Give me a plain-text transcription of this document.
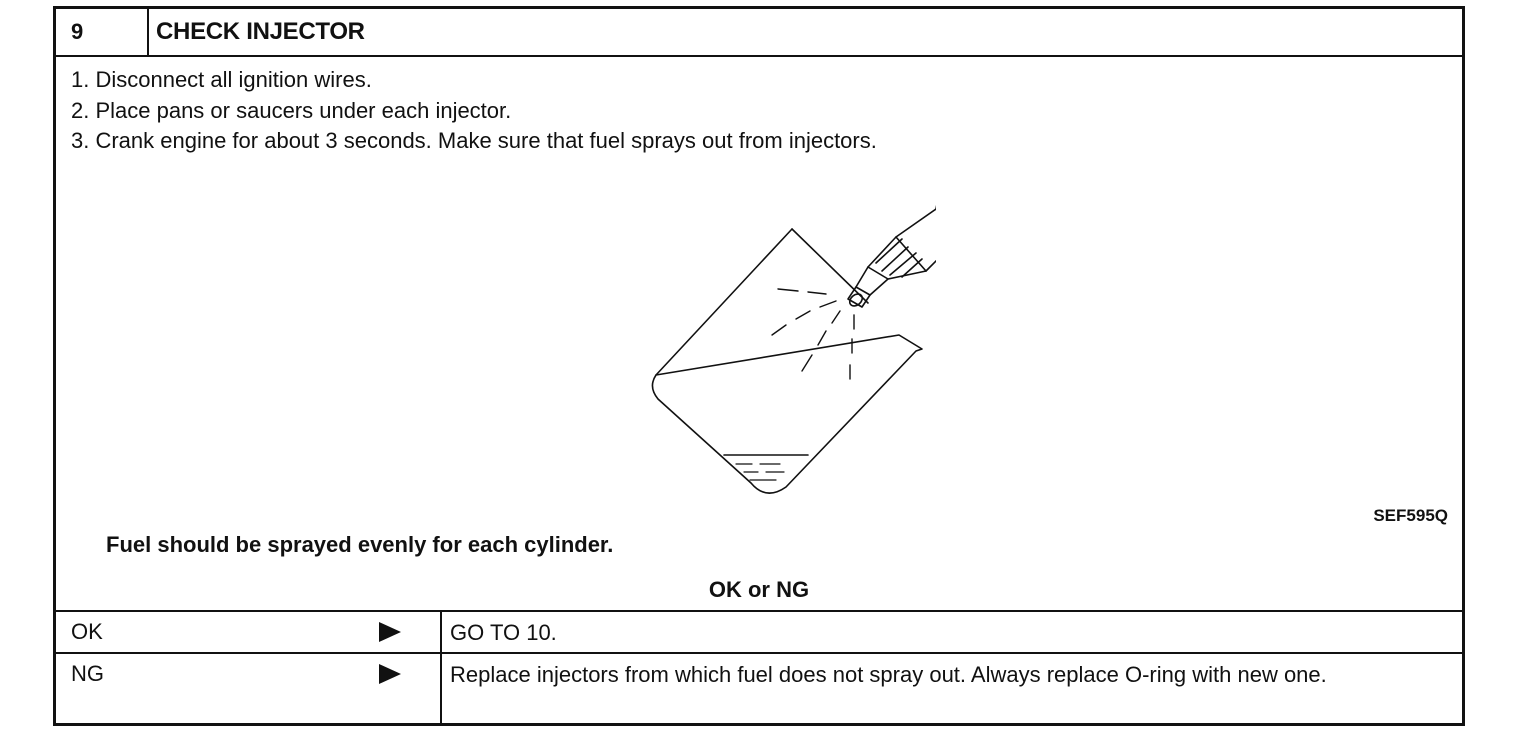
9	CHECK INJECTOR
1. Disconnect all ignition wires.
2. Place pans or saucers under each injector.
3. Crank engine for about 3 seconds. Make sure that fuel sprays out from injectors.
SEF595Q
Fuel should be sprayed evenly for each cylinder.
OK or NG
OK	GO TO 10.
NG	Replace injectors from which fuel does not spray out. Always replace O-ring with new one.
